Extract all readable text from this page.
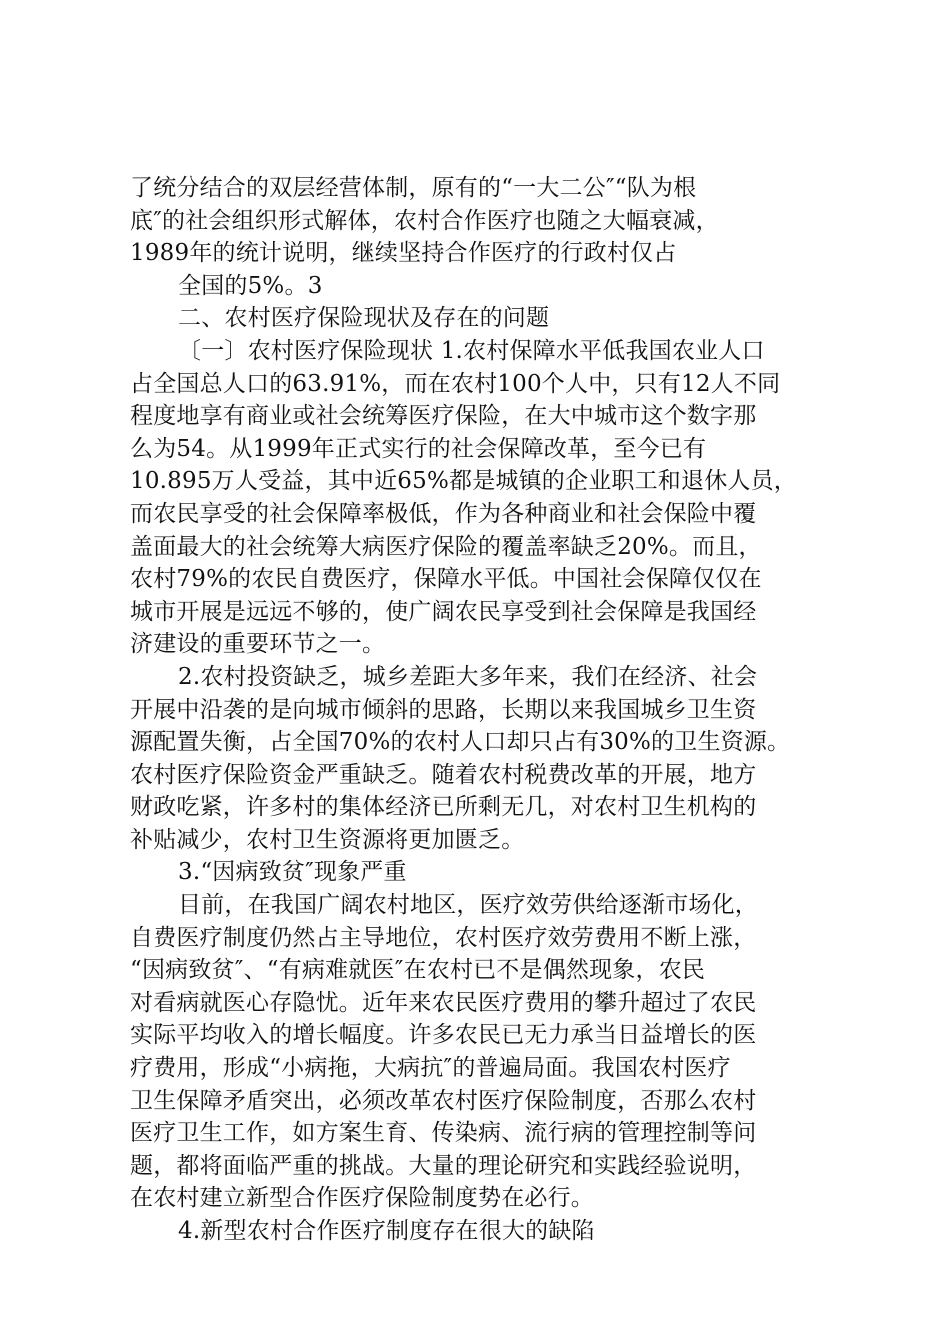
了统分结合的双层经营体制，原有的“一大二公″“队为根
底″的社会组织形式解体，农村合作医疗也随之大幅衰减，
1989年的统计说明，继续坚持合作医疗的行政村仅占
全国的5%。3
二、农村医疗保险现状及存在的问题
〔一〕农村医疗保险现状 1.农村保障水平低我国农业人口
占全国总人口的63.91%，而在农村100个人中，只有12人不同
程度地享有商业或社会统筹医疗保险，在大中城市这个数字那
么为54。从1999年正式实行的社会保障改革，至今已有
10.895万人受益，其中近65%都是城镇的企业职工和退休人员，
而农民享受的社会保障率极低，作为各种商业和社会保险中覆
盖面最大的社会统筹大病医疗保险的覆盖率缺乏20%。而且，
农村79%的农民自费医疗，保障水平低。中国社会保障仅仅在
城市开展是远远不够的，使广阔农民享受到社会保障是我国经
济建设的重要环节之一。
2.农村投资缺乏，城乡差距大多年来，我们在经济、社会
开展中沿袭的是向城市倾斜的思路，长期以来我国城乡卫生资
源配置失衡，占全国70%的农村人口却只占有30%的卫生资源。
农村医疗保险资金严重缺乏。随着农村税费改革的开展，地方
财政吃紧，许多村的集体经济已所剩无几，对农村卫生机构的
补贴减少，农村卫生资源将更加匮乏。
3.“因病致贫″现象严重
目前，在我国广阔农村地区，医疗效劳供给逐渐市场化，
自费医疗制度仍然占主导地位，农村医疗效劳费用不断上涨，
“因病致贫″、“有病难就医″在农村已不是偶然现象，农民
对看病就医心存隐忧。近年来农民医疗费用的攀升超过了农民
实际平均收入的增长幅度。许多农民已无力承当日益增长的医
疗费用，形成“小病拖，大病抗″的普遍局面。我国农村医疗
卫生保障矛盾突出，必须改革农村医疗保险制度，否那么农村
医疗卫生工作，如方案生育、传染病、流行病的管理控制等问
题，都将面临严重的挑战。大量的理论研究和实践经验说明，
在农村建立新型合作医疗保险制度势在必行。
4.新型农村合作医疗制度存在很大的缺陷
